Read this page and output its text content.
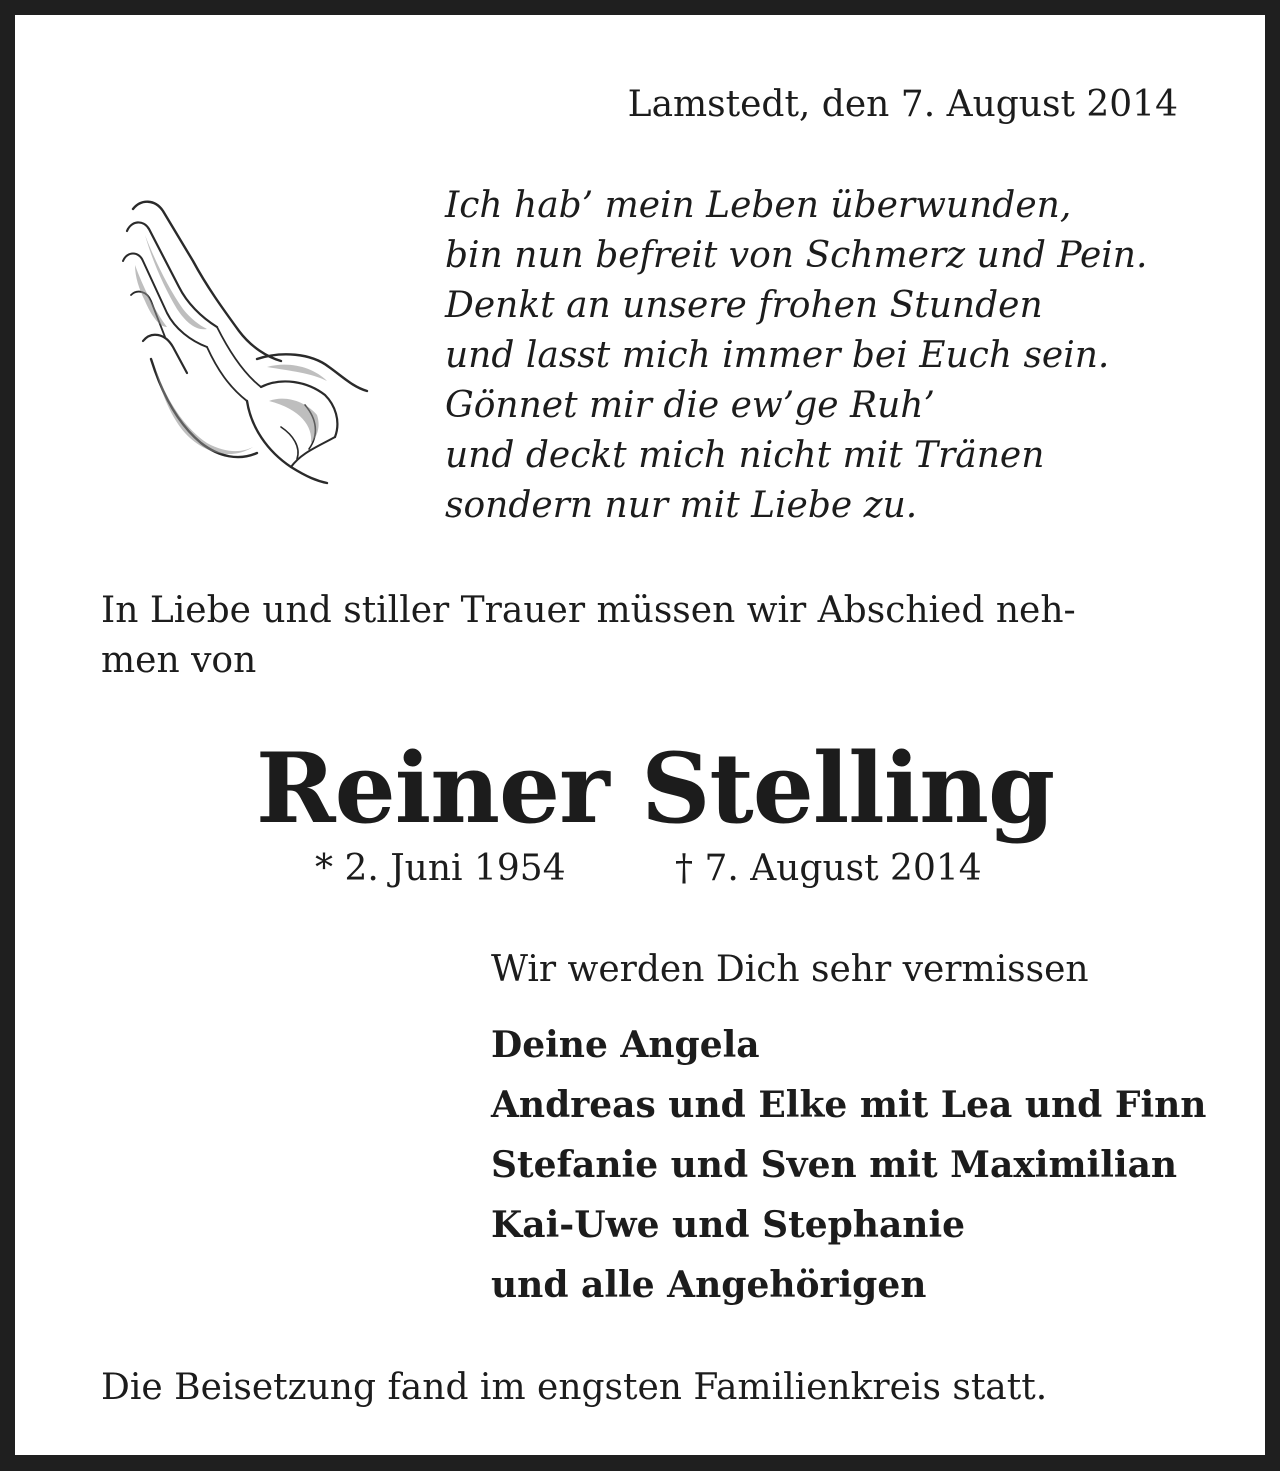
Lamstedt, den 7. August 2014
Ich hab’ mein Leben überwunden,
bin nun befreit von Schmerz und Pein.
Denkt an unsere frohen Stunden
und lasst mich immer bei Euch sein.
Gönnet mir die ew’ge Ruh’
und deckt mich nicht mit Tränen
sondern nur mit Liebe zu.
In Liebe und stiller Trauer müssen wir Abschied neh-
men von
Reiner Stelling
* 2. Juni 1954	† 7. August 2014
Wir werden Dich sehr vermissen
Deine Angela
Andreas und Elke mit Lea und Finn
Stefanie und Sven mit Maximilian
Kai-Uwe und Stephanie
und alle Angehörigen
Die Beisetzung fand im engsten Familienkreis statt.
